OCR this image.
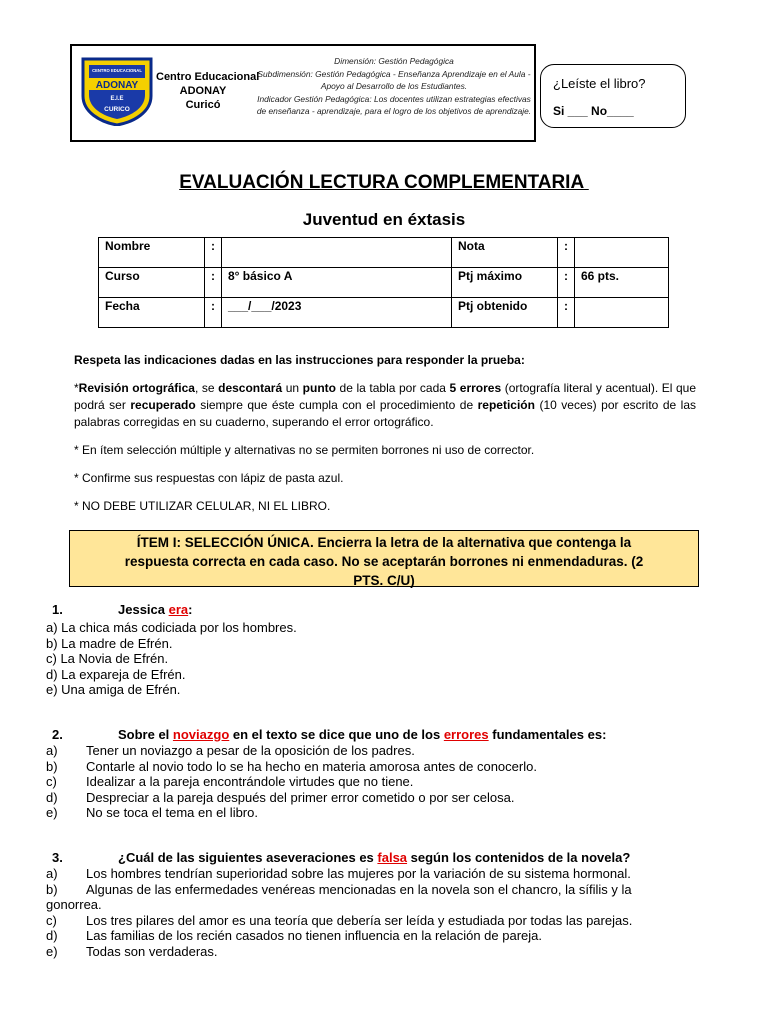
CENTRO EDUCACIONAL
ADONAY
E.I.E
CURICO
Centro Educacional
ADONAY
Curicó
Dimensión: Gestión Pedagógica
Subdimensión: Gestión Pedagógica - Enseñanza Aprendizaje en el Aula -
Apoyo al Desarrollo de los Estudiantes.
Indicador Gestión Pedagógica: Los docentes utilizan estrategias efectivas
de enseñanza - aprendizaje, para el logro de los objetivos de aprendizaje.
¿Leíste el libro?
Si ___ No____
EVALUACIÓN LECTURA COMPLEMENTARIA
Juventud en éxtasis
Nombre	:		Nota	:	
Curso	:	8° básico A	Ptj máximo	:	66 pts.
Fecha	:	___/___/2023	Ptj obtenido	:	
Respeta las indicaciones dadas en las instrucciones para responder la prueba:
*Revisión ortográfica, se descontará un punto de la tabla por cada 5 errores (ortografía literal y acentual). El que podrá ser recuperado siempre que éste cumpla con el procedimiento de repetición (10 veces) por escrito de las palabras corregidas en su cuaderno, superando el error ortográfico.
* En ítem selección múltiple y alternativas no se permiten borrones ni uso de corrector.
* Confirme sus respuestas con lápiz de pasta azul.
* NO DEBE UTILIZAR CELULAR, NI EL LIBRO.
ÍTEM I: SELECCIÓN ÚNICA. Encierra la letra de la alternativa que contenga la
respuesta correcta en cada caso. No se aceptarán borrones ni enmendaduras. (2
PTS. C/U)
1.	Jessica era:
a) La chica más codiciada por los hombres.
b) La madre de Efrén.
c) La Novia de Efrén.
d) La expareja de Efrén.
e) Una amiga de Efrén.
2.	Sobre el noviazgo en el texto se dice que uno de los errores fundamentales es:
a) Tener un noviazgo a pesar de la oposición de los padres.
b) Contarle al novio todo lo se ha hecho en materia amorosa antes de conocerlo.
c) Idealizar a la pareja encontrándole virtudes que no tiene.
d) Despreciar a la pareja después del primer error cometido o por ser celosa.
e) No se toca el tema en el libro.
3.	¿Cuál de las siguientes aseveraciones es falsa según los contenidos de la novela?
a) Los hombres tendrían superioridad sobre las mujeres por la variación de su sistema hormonal.
b) Algunas de las enfermedades venéreas mencionadas en la novela son el chancro, la sífilis y la
gonorrea.
c) Los tres pilares del amor es una teoría que debería ser leída y estudiada por todas las parejas.
d) Las familias de los recién casados no tienen influencia en la relación de pareja.
e) Todas son verdaderas.
